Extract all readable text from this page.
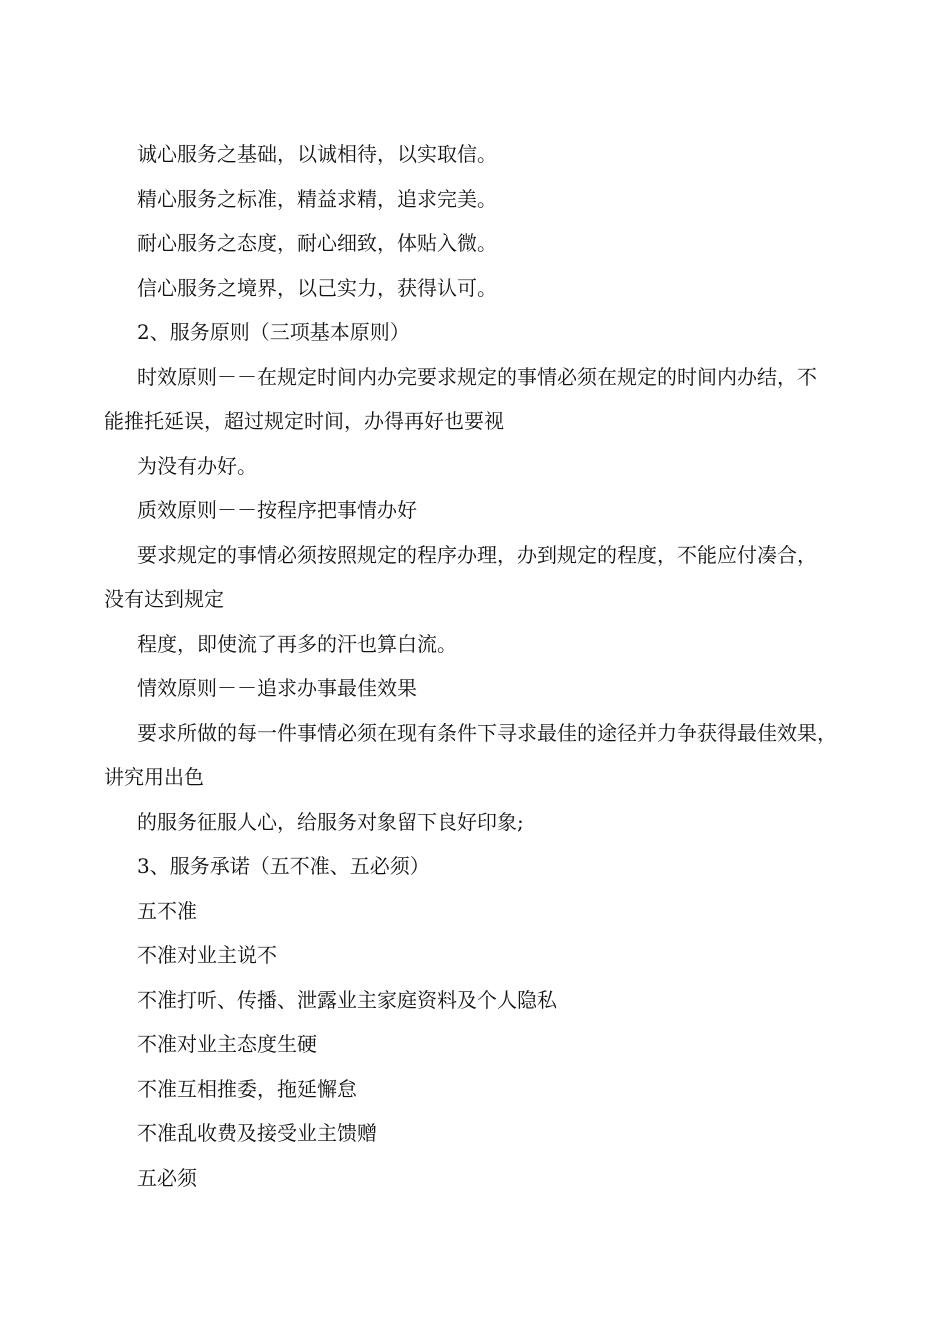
诚心服务之基础，以诚相待，以实取信。

精心服务之标准，精益求精，追求完美。

耐心服务之态度，耐心细致，体贴入微。

信心服务之境界，以己实力，获得认可。

2、服务原则（三项基本原则）

时效原则－－在规定时间内办完要求规定的事情必须在规定的时间内办结，不

能推托延误，超过规定时间，办得再好也要视

为没有办好。

质效原则－－按程序把事情办好

要求规定的事情必须按照规定的程序办理，办到规定的程度，不能应付凑合，

没有达到规定

程度，即使流了再多的汗也算白流。

情效原则－－追求办事最佳效果

要求所做的每一件事情必须在现有条件下寻求最佳的途径并力争获得最佳效果，

讲究用出色

的服务征服人心，给服务对象留下良好印象;

3、服务承诺（五不准、五必须）

五不准

不准对业主说不

不准打听、传播、泄露业主家庭资料及个人隐私

不准对业主态度生硬

不准互相推委，拖延懈怠

不准乱收费及接受业主馈赠

五必须
